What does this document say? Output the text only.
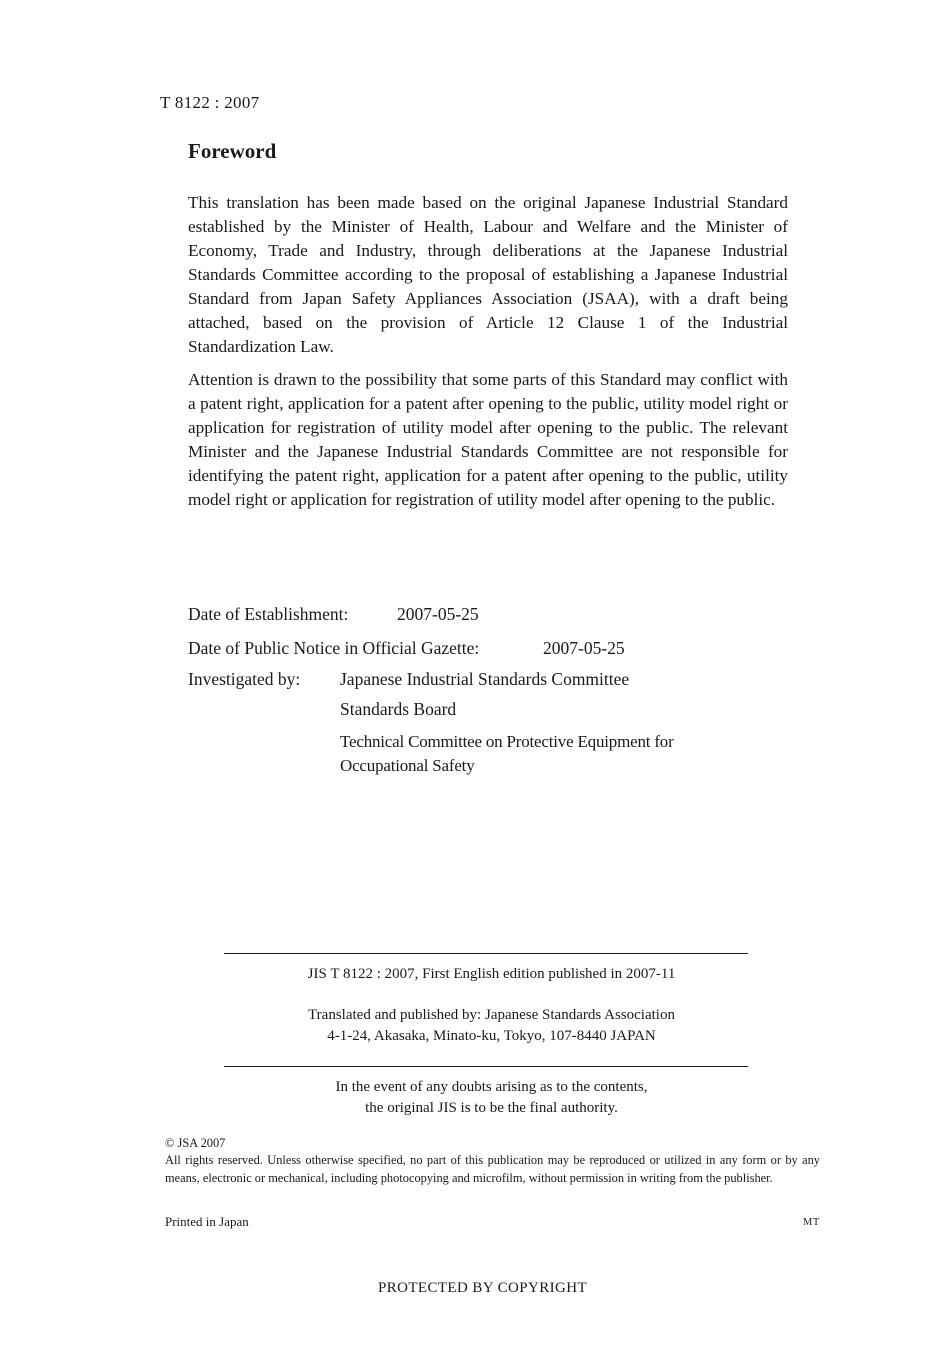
T 8122 : 2007
Foreword

This translation has been made based on the original Japanese Industrial Standard established by the Minister of Health, Labour and Welfare and the Minister of Economy, Trade and Industry, through deliberations at the Japanese Industrial Standards Committee according to the proposal of establishing a Japanese Industrial Standard from Japan Safety Appliances Association (JSAA), with a draft being attached, based on the provision of Article 12 Clause 1 of the Industrial Standardization Law.

Attention is drawn to the possibility that some parts of this Standard may conflict with a patent right, application for a patent after opening to the public, utility model right or application for registration of utility model after opening to the public. The relevant Minister and the Japanese Industrial Standards Committee are not responsible for identifying the patent right, application for a patent after opening to the public, utility model right or application for registration of utility model after opening to the public.

Date of Establishment:	2007-05-25
Date of Public Notice in Official Gazette:	2007-05-25
Investigated by: Japanese Industrial Standards Committee
Standards Board
Technical Committee on Protective Equipment for
Occupational Safety
JIS T 8122 : 2007, First English edition published in 2007-11
Translated and published by: Japanese Standards Association
4-1-24, Akasaka, Minato-ku, Tokyo, 107-8440 JAPAN
In the event of any doubts arising as to the contents,
the original JIS is to be the final authority.
© JSA 2007
All rights reserved. Unless otherwise specified, no part of this publication may be reproduced or utilized in any form or by any means, electronic or mechanical, including photocopying and microfilm, without permission in writing from the publisher.
Printed in Japan	MT
PROTECTED BY COPYRIGHT
